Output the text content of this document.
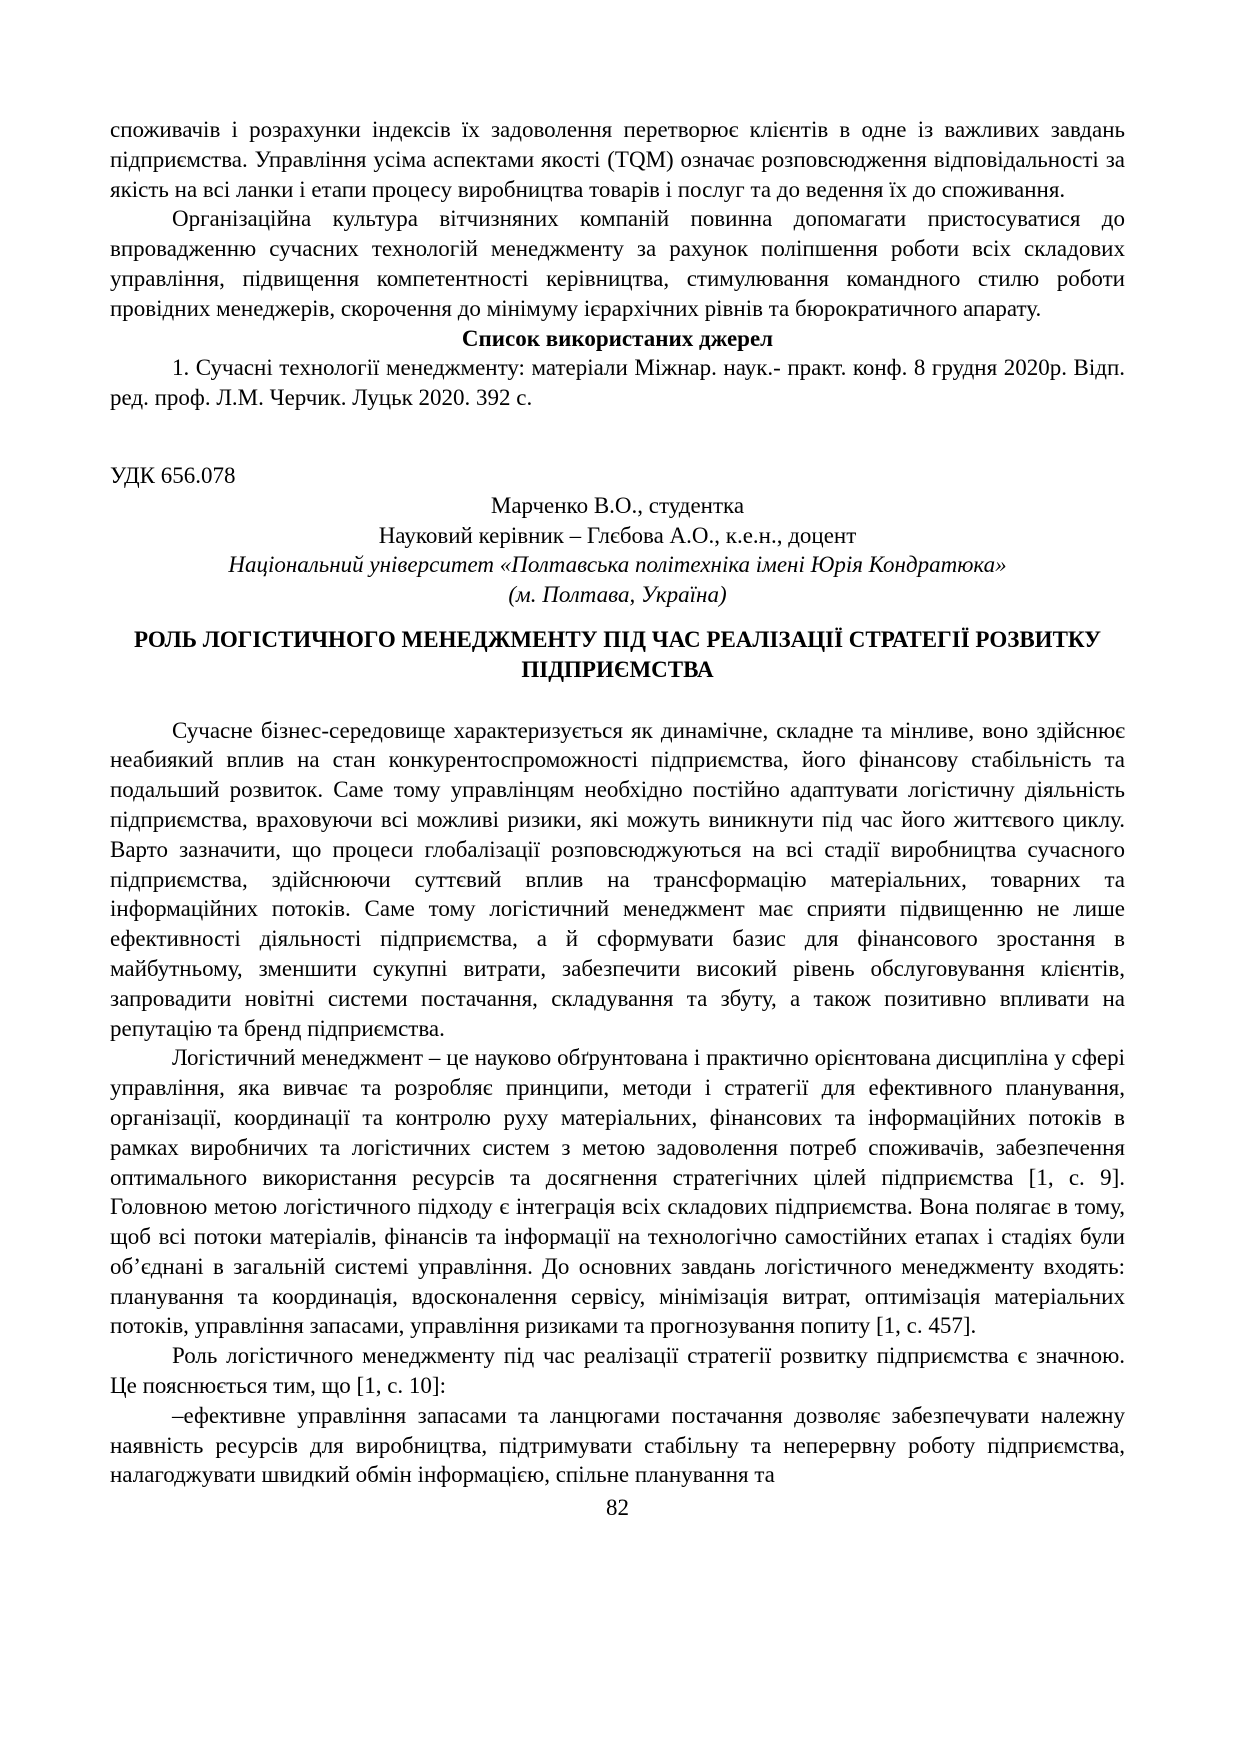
споживачів і розрахунки індексів їх задоволення перетворює клієнтів в одне із важливих завдань підприємства. Управління усіма аспектами якості (TQM) означає розповсюдження відповідальності за якість на всі ланки і етапи процесу виробництва товарів і послуг та до ведення їх до споживання.

Організаційна культура вітчизняних компаній повинна допомагати пристосуватися до впровадженню сучасних технологій менеджменту за рахунок поліпшення роботи всіх складових управління, підвищення компетентності керівництва, стимулювання командного стилю роботи провідних менеджерів, скорочення до мінімуму ієрархічних рівнів та бюрократичного апарату.

Список використаних джерел

1. Сучасні технології менеджменту: матеріали Міжнар. наук.- практ. конф. 8 грудня 2020р. Відп. ред. проф. Л.М. Черчик. Луцьк 2020. 392 с.

УДК 656.078

Марченко В.О., студентка
Науковий керівник – Глєбова А.О., к.е.н., доцент
Національний університет «Полтавська політехніка імені Юрія Кондратюка»
(м. Полтава, Україна)
РОЛЬ ЛОГІСТИЧНОГО МЕНЕДЖМЕНТУ ПІД ЧАС РЕАЛІЗАЦІЇ СТРАТЕГІЇ РОЗВИТКУ ПІДПРИЄМСТВА

Сучасне бізнес-середовище характеризується як динамічне, складне та мінливе, воно здійснює неабиякий вплив на стан конкурентоспроможності підприємства, його фінансову стабільність та подальший розвиток. Саме тому управлінцям необхідно постійно адаптувати логістичну діяльність підприємства, враховуючи всі можливі ризики, які можуть виникнути під час його життєвого циклу. Варто зазначити, що процеси глобалізації розповсюджуються на всі стадії виробництва сучасного підприємства, здійснюючи суттєвий вплив на трансформацію матеріальних, товарних та інформаційних потоків. Саме тому логістичний менеджмент має сприяти підвищенню не лише ефективності діяльності підприємства, а й сформувати базис для фінансового зростання в майбутньому, зменшити сукупні витрати, забезпечити високий рівень обслуговування клієнтів, запровадити новітні системи постачання, складування та збуту, а також позитивно впливати на репутацію та бренд підприємства.

Логістичний менеджмент – це науково обґрунтована і практично орієнтована дисципліна у сфері управління, яка вивчає та розробляє принципи, методи і стратегії для ефективного планування, організації, координації та контролю руху матеріальних, фінансових та інформаційних потоків в рамках виробничих та логістичних систем з метою задоволення потреб споживачів, забезпечення оптимального використання ресурсів та досягнення стратегічних цілей підприємства [1, с. 9]. Головною метою логістичного підходу є інтеграція всіх складових підприємства. Вона полягає в тому, щоб всі потоки матеріалів, фінансів та інформації на технологічно самостійних етапах і стадіях були об’єднані в загальній системі управління. До основних завдань логістичного менеджменту входять: планування та координація, вдосконалення сервісу, мінімізація витрат, оптимізація матеріальних потоків, управління запасами, управління ризиками та прогнозування попиту [1, с. 457].

Роль логістичного менеджменту під час реалізації стратегії розвитку підприємства є значною. Це пояснюється тим, що [1, с. 10]:

–ефективне управління запасами та ланцюгами постачання дозволяє забезпечувати належну наявність ресурсів для виробництва, підтримувати стабільну та неперервну роботу підприємства, налагоджувати швидкий обмін інформацією, спільне планування та

82
